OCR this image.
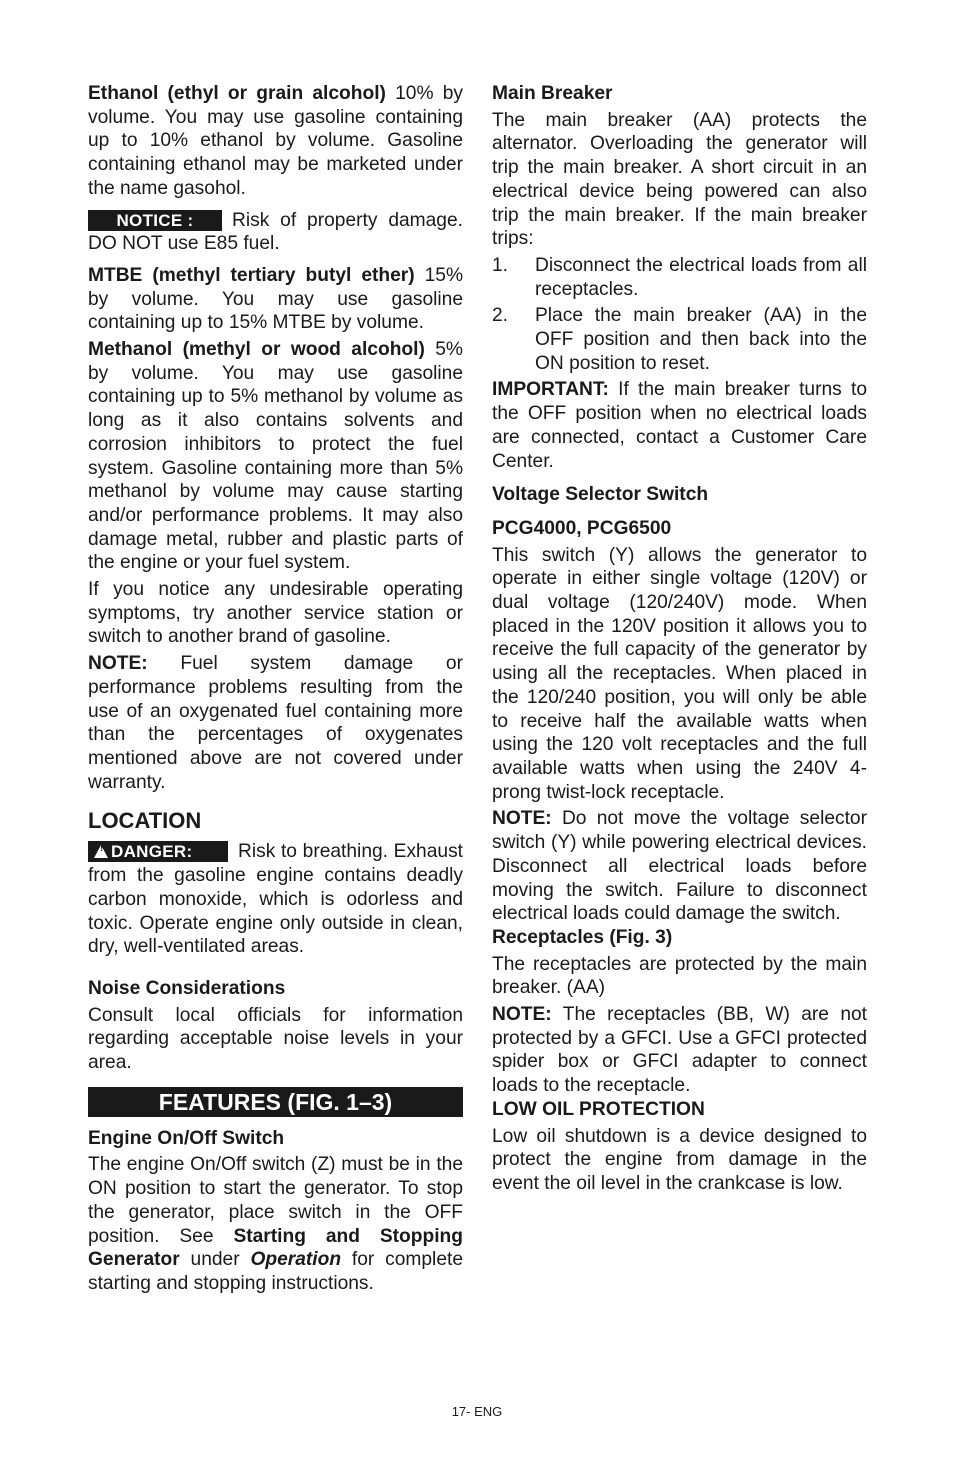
Ethanol (ethyl or grain alcohol) 10% by volume. You may use gasoline containing up to 10% ethanol by volume. Gasoline containing ethanol may be marketed under the name gasohol.

NOTICE : Risk of property damage. DO NOT use E85 fuel.

MTBE (methyl tertiary butyl ether) 15% by volume. You may use gasoline containing up to 15% MTBE by volume.

Methanol (methyl or wood alcohol) 5% by volume. You may use gasoline containing up to 5% methanol by volume as long as it also contains solvents and corrosion inhibitors to protect the fuel system. Gasoline containing more than 5% methanol by volume may cause starting and/or performance problems. It may also damage metal, rubber and plastic parts of the engine or your fuel system.

If you notice any undesirable operating symptoms, try another service station or switch to another brand of gasoline.

NOTE: Fuel system damage or performance problems resulting from the use of an oxygenated fuel containing more than the percentages of oxygenates mentioned above are not covered under warranty.

LOCATION

! DANGER: Risk to breathing. Exhaust from the gasoline engine contains deadly carbon monoxide, which is odorless and toxic. Operate engine only outside in clean, dry, well-ventilated areas.

Noise Considerations

Consult local officials for information regarding acceptable noise levels in your area.

FEATURES (FIG. 1–3)

Engine On/Off Switch

The engine On/Off switch (Z) must be in the ON position to start the generator. To stop the generator, place switch in the OFF position. See Starting and Stopping Generator under Operation for complete starting and stopping instructions.

Main Breaker

The main breaker (AA) protects the alternator. Overloading the generator will trip the main breaker. A short circuit in an electrical device being powered can also trip the main breaker. If the main breaker trips:

1.	Disconnect the electrical loads from all receptacles.
2.	Place the main breaker (AA) in the OFF position and then back into the ON position to reset.

IMPORTANT: If the main breaker turns to the OFF position when no electrical loads are connected, contact a Customer Care Center.

Voltage Selector Switch

PCG4000, PCG6500

This switch (Y) allows the generator to operate in either single voltage (120V) or dual voltage (120/240V) mode. When placed in the 120V position it allows you to receive the full capacity of the generator by using all the receptacles. When placed in the 120/240 position, you will only be able to receive half the available watts when using the 120 volt receptacles and the full available watts when using the 240V 4-prong twist-lock receptacle.

NOTE: Do not move the voltage selector switch (Y) while powering electrical devices. Disconnect all electrical loads before moving the switch. Failure to disconnect electrical loads could damage the switch.

Receptacles (Fig. 3)

The receptacles are protected by the main breaker. (AA)

NOTE: The receptacles (BB, W) are not protected by a GFCI. Use a GFCI protected spider box or GFCI adapter to connect loads to the receptacle.

LOW OIL PROTECTION

Low oil shutdown is a device designed to protect the engine from damage in the event the oil level in the crankcase is low.

17- ENG
